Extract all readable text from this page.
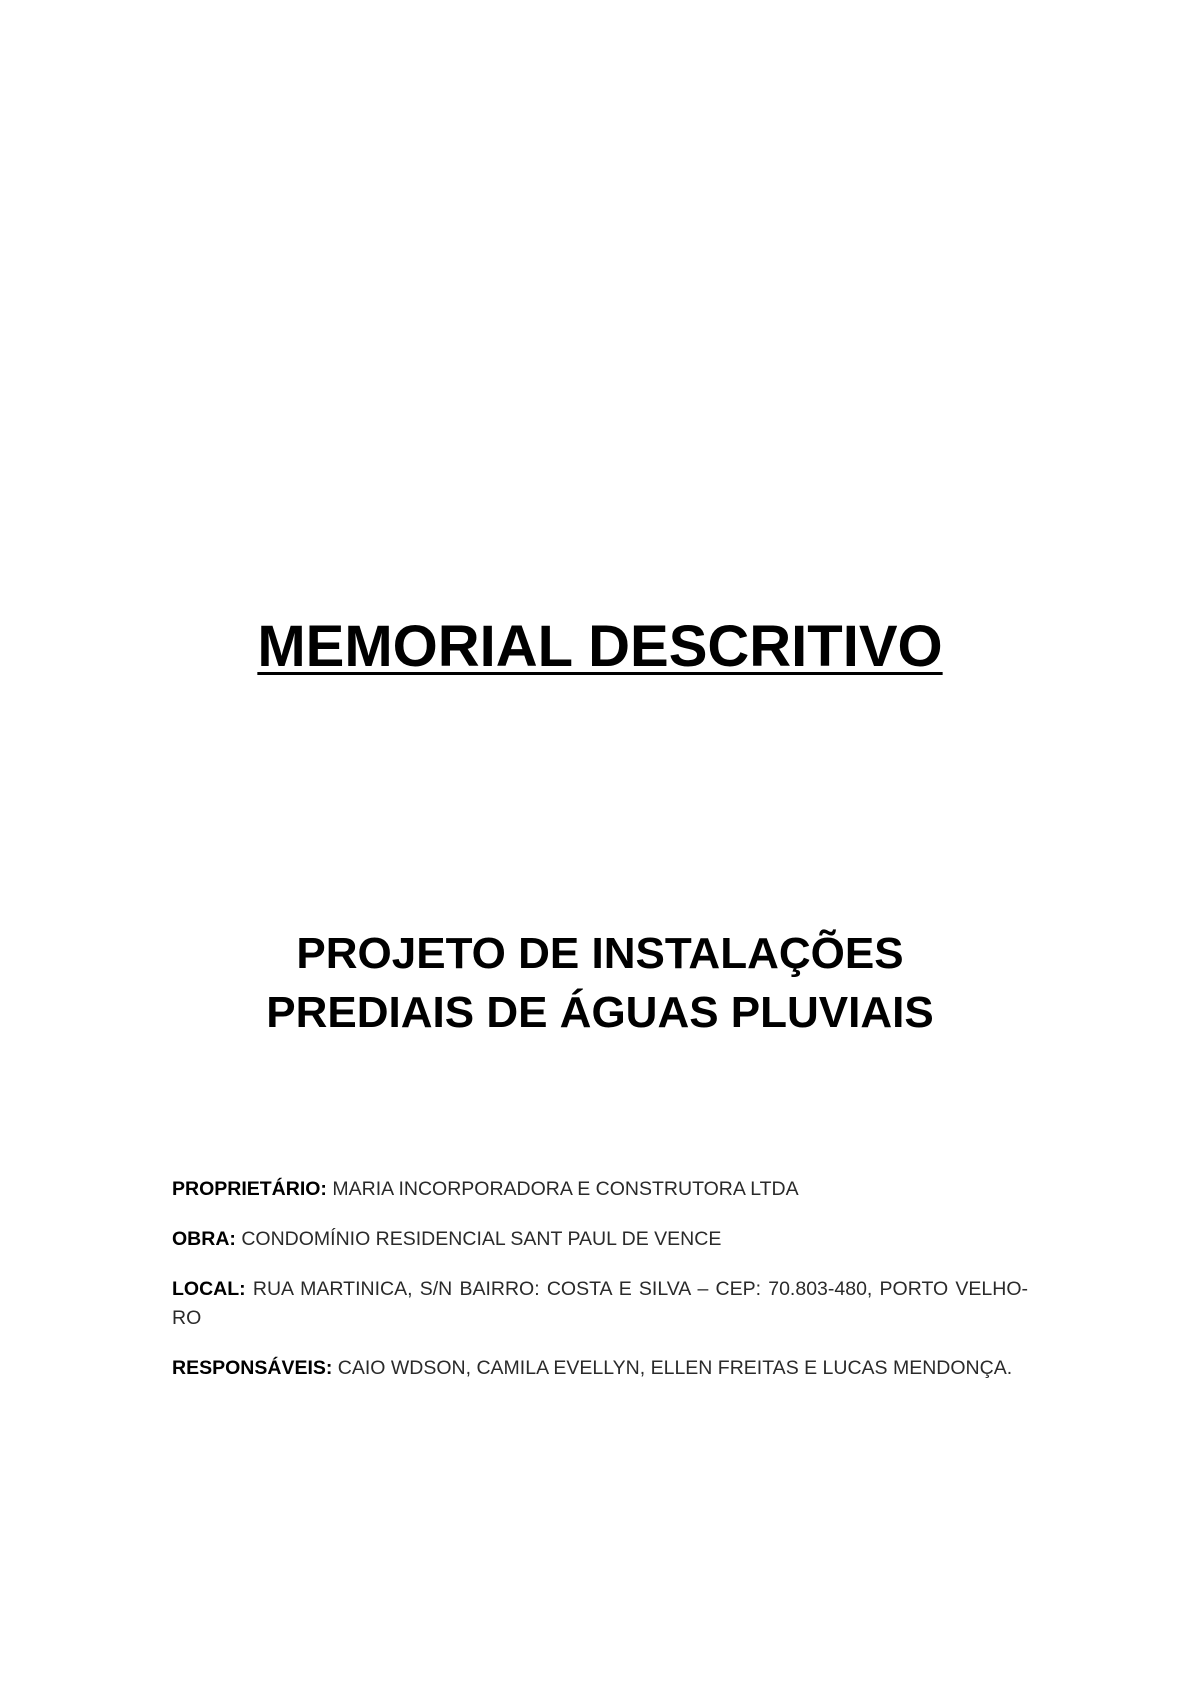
MEMORIAL DESCRITIVO
PROJETO DE INSTALAÇÕES
PREDIAIS DE ÁGUAS PLUVIAIS

PROPRIETÁRIO: MARIA INCORPORADORA E CONSTRUTORA LTDA

OBRA: CONDOMÍNIO RESIDENCIAL SANT PAUL DE VENCE

LOCAL: RUA MARTINICA, S/N BAIRRO: COSTA E SILVA – CEP: 70.803-480, PORTO VELHO-RO

RESPONSÁVEIS: CAIO WDSON, CAMILA EVELLYN, ELLEN FREITAS E LUCAS MENDONÇA.
